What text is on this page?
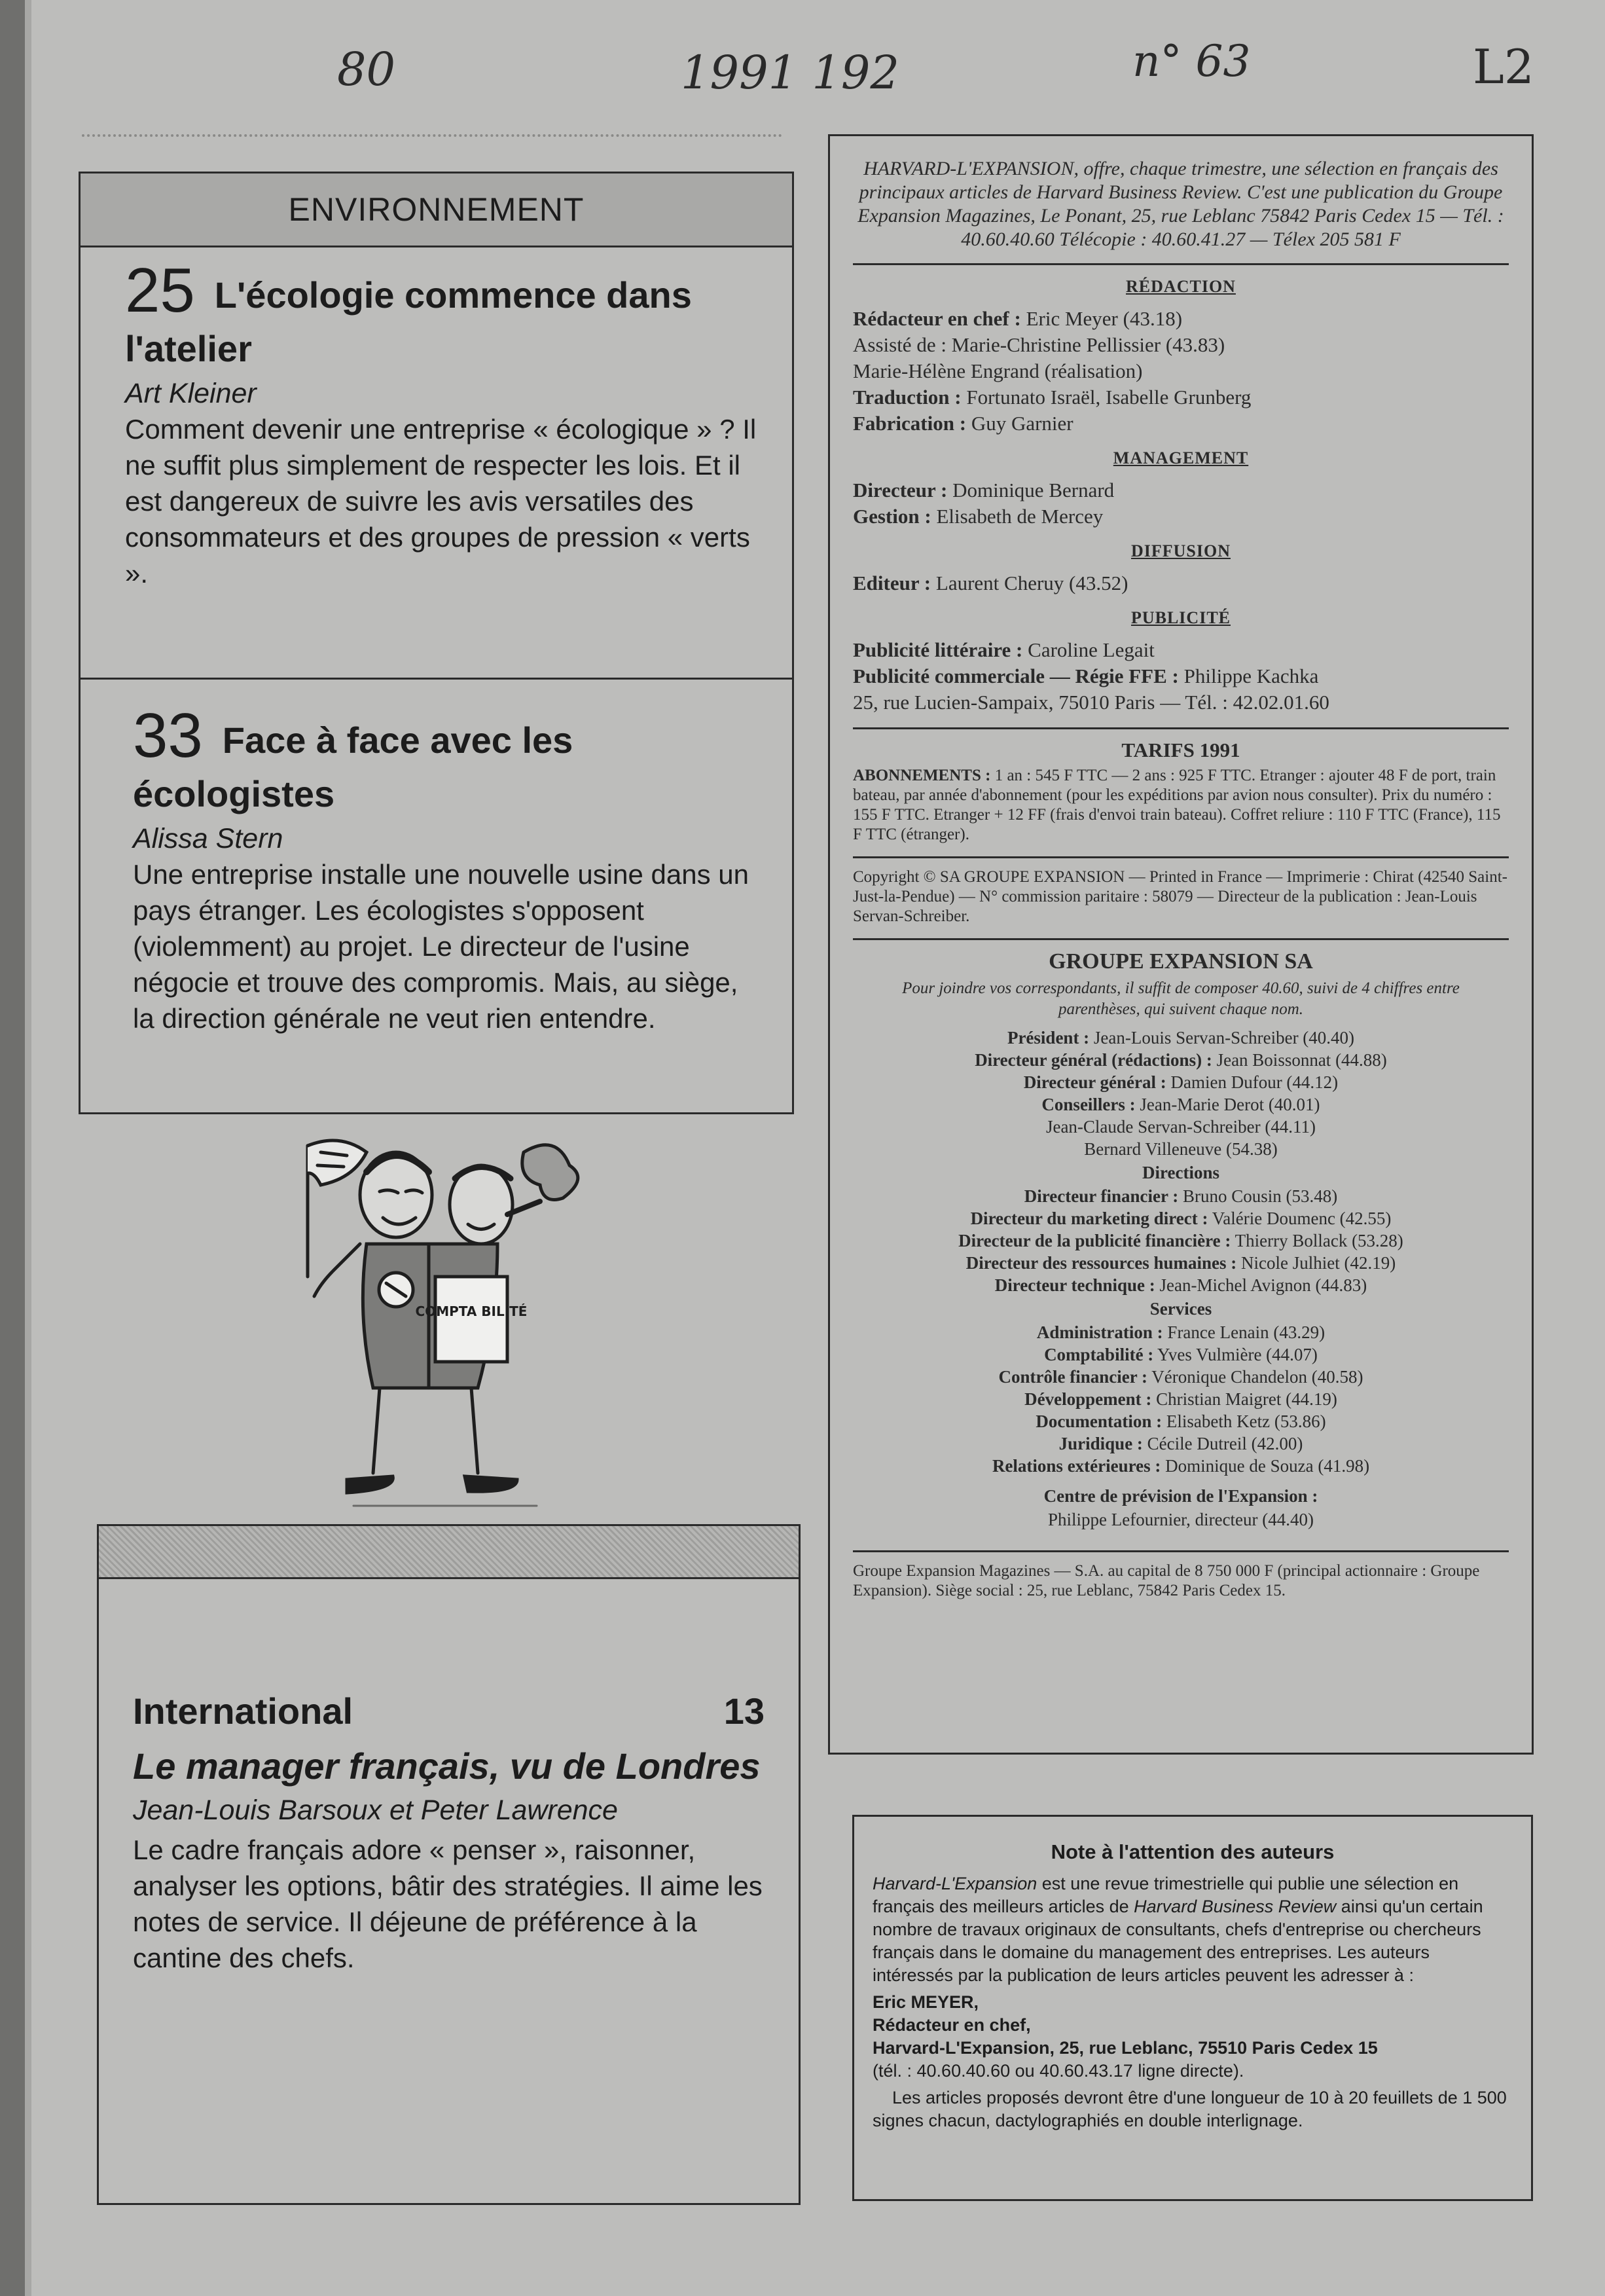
80	1991 192	n° 63	L2
ENVIRONNEMENT
25 L'écologie commence dans l'atelier
Art Kleiner
Comment devenir une entreprise « écologique » ? Il ne suffit plus simplement de respecter les lois. Et il est dangereux de suivre les avis versatiles des consommateurs et des groupes de pression « verts ».
33 Face à face avec les écologistes
Alissa Stern
Une entreprise installe une nouvelle usine dans un pays étranger. Les écologistes s'opposent (violemment) au projet. Le directeur de l'usine négocie et trouve des compromis. Mais, au siège, la direction générale ne veut rien entendre.
COMPTA BILITÉ
International	13
Le manager français, vu de Londres
Jean-Louis Barsoux et Peter Lawrence
Le cadre français adore « penser », raisonner, analyser les options, bâtir des stratégies. Il aime les notes de service. Il déjeune de préférence à la cantine des chefs.
HARVARD-L'EXPANSION, offre, chaque trimestre, une sélection en français des principaux articles de Harvard Business Review. C'est une publication du Groupe Expansion Magazines, Le Ponant, 25, rue Leblanc 75842 Paris Cedex 15 — Tél. : 40.60.40.60 Télécopie : 40.60.41.27 — Télex 205 581 F
RÉDACTION
Rédacteur en chef : Eric Meyer (43.18)
Assisté de : Marie-Christine Pellissier (43.83)
Marie-Hélène Engrand (réalisation)
Traduction : Fortunato Israël, Isabelle Grunberg
Fabrication : Guy Garnier
MANAGEMENT
Directeur : Dominique Bernard
Gestion : Elisabeth de Mercey
DIFFUSION
Editeur : Laurent Cheruy (43.52)
PUBLICITÉ
Publicité littéraire : Caroline Legait
Publicité commerciale — Régie FFE : Philippe Kachka
25, rue Lucien-Sampaix, 75010 Paris — Tél. : 42.02.01.60
TARIFS 1991
ABONNEMENTS : 1 an : 545 F TTC — 2 ans : 925 F TTC. Etranger : ajouter 48 F de port, train bateau, par année d'abonnement (pour les expéditions par avion nous consulter). Prix du numéro : 155 F TTC. Etranger + 12 FF (frais d'envoi train bateau). Coffret reliure : 110 F TTC (France), 115 F TTC (étranger).
Copyright © SA GROUPE EXPANSION — Printed in France — Imprimerie : Chirat (42540 Saint-Just-la-Pendue) — N° commission paritaire : 58079 — Directeur de la publication : Jean-Louis Servan-Schreiber.
GROUPE EXPANSION SA
Pour joindre vos correspondants, il suffit de composer 40.60, suivi de 4 chiffres entre parenthèses, qui suivent chaque nom.
Président : Jean-Louis Servan-Schreiber (40.40)
Directeur général (rédactions) : Jean Boissonnat (44.88)
Directeur général : Damien Dufour (44.12)
Conseillers : Jean-Marie Derot (40.01)
Jean-Claude Servan-Schreiber (44.11)
Bernard Villeneuve (54.38)
Directions
Directeur financier : Bruno Cousin (53.48)
Directeur du marketing direct : Valérie Doumenc (42.55)
Directeur de la publicité financière : Thierry Bollack (53.28)
Directeur des ressources humaines : Nicole Julhiet (42.19)
Directeur technique : Jean-Michel Avignon (44.83)
Services
Administration : France Lenain (43.29)
Comptabilité : Yves Vulmière (44.07)
Contrôle financier : Véronique Chandelon (40.58)
Développement : Christian Maigret (44.19)
Documentation : Elisabeth Ketz (53.86)
Juridique : Cécile Dutreil (42.00)
Relations extérieures : Dominique de Souza (41.98)
Centre de prévision de l'Expansion :
Philippe Lefournier, directeur (44.40)
Groupe Expansion Magazines — S.A. au capital de 8 750 000 F (principal actionnaire : Groupe Expansion). Siège social : 25, rue Leblanc, 75842 Paris Cedex 15.
Note à l'attention des auteurs

Harvard-L'Expansion est une revue trimestrielle qui publie une sélection en français des meilleurs articles de Harvard Business Review ainsi qu'un certain nombre de travaux originaux de consultants, chefs d'entreprise ou chercheurs français dans le domaine du management des entreprises. Les auteurs intéressés par la publication de leurs articles peuvent les adresser à :

Eric MEYER,
Rédacteur en chef,
Harvard-L'Expansion, 25, rue Leblanc, 75510 Paris Cedex 15

(tél. : 40.60.40.60 ou 40.60.43.17 ligne directe).

Les articles proposés devront être d'une longueur de 10 à 20 feuillets de 1 500 signes chacun, dactylographiés en double interlignage.
